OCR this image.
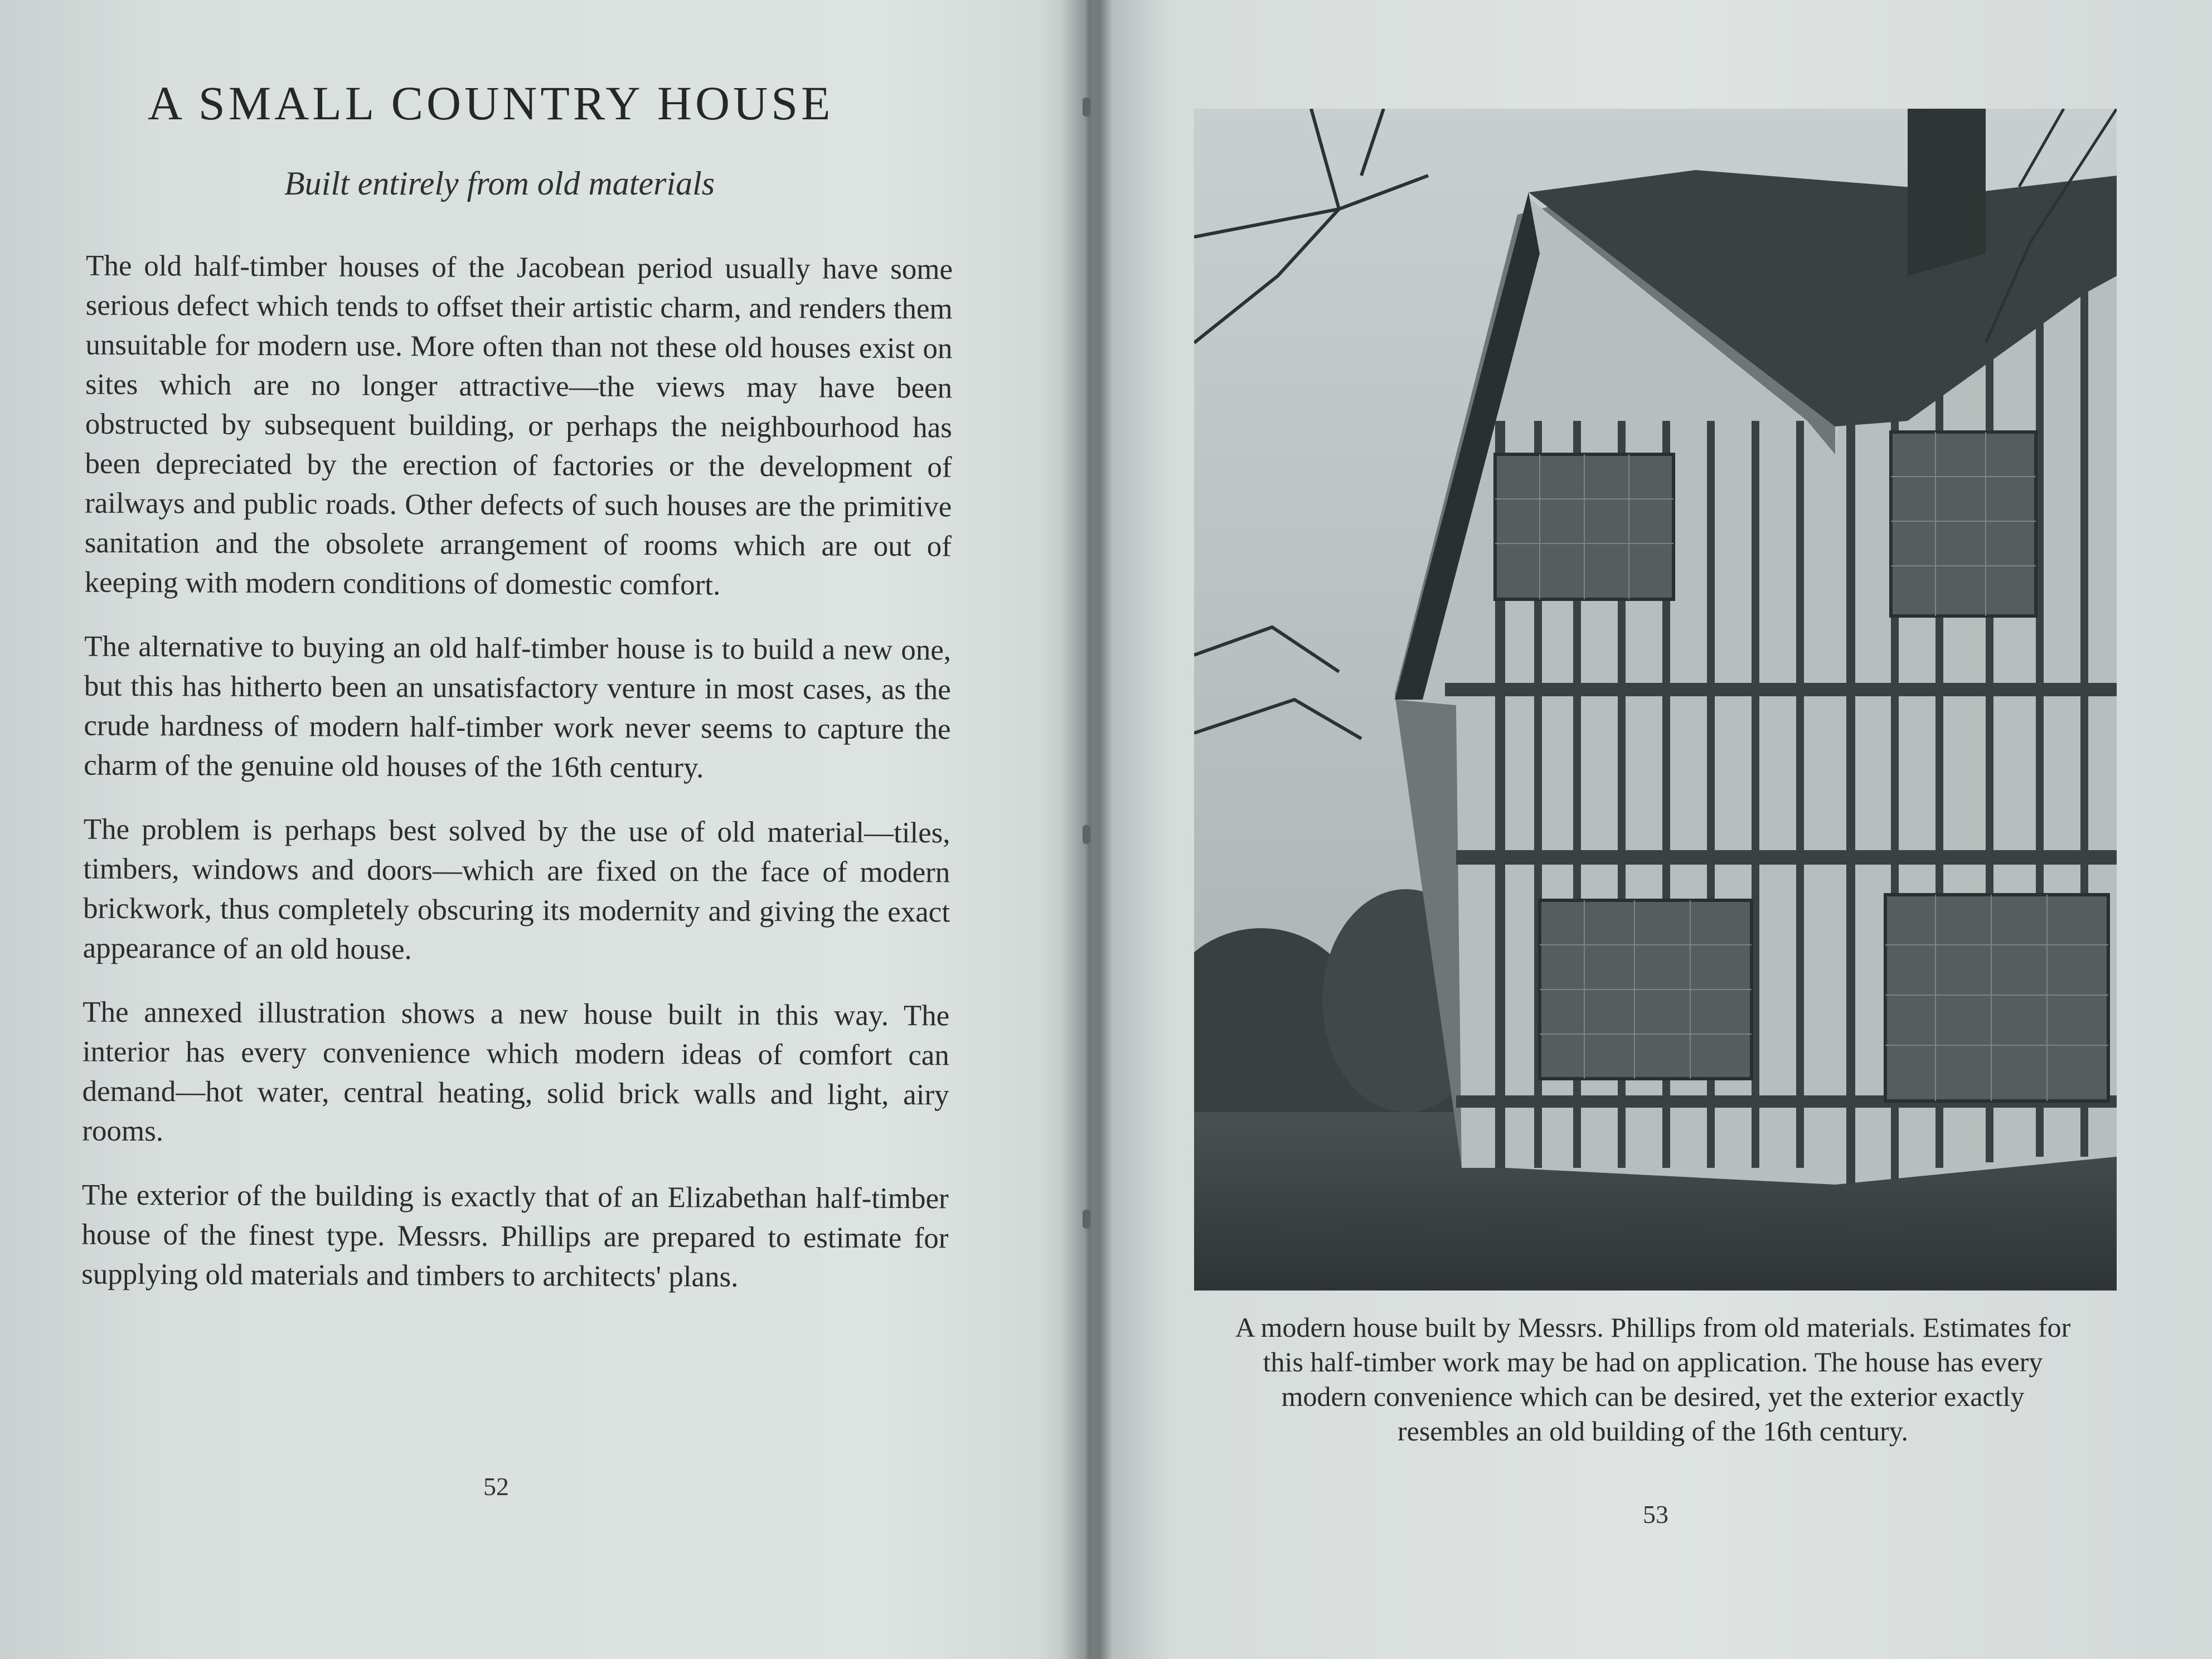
A SMALL COUNTRY HOUSE
Built entirely from old materials

The old half-timber houses of the Jacobean period usually have some serious defect which tends to offset their artistic charm, and renders them unsuitable for modern use. More often than not these old houses exist on sites which are no longer attractive—the views may have been obstructed by subsequent building, or perhaps the neighbourhood has been depreciated by the erection of factories or the development of railways and public roads. Other defects of such houses are the primitive sanitation and the obsolete arrangement of rooms which are out of keeping with modern conditions of domestic comfort.

The alternative to buying an old half-timber house is to build a new one, but this has hitherto been an unsatisfactory venture in most cases, as the crude hardness of modern half-timber work never seems to capture the charm of the genuine old houses of the 16th century.

The problem is perhaps best solved by the use of old material—tiles, timbers, windows and doors—which are fixed on the face of modern brickwork, thus completely obscuring its modernity and giving the exact appearance of an old house.

The annexed illustration shows a new house built in this way. The interior has every convenience which modern ideas of comfort can demand—hot water, central heating, solid brick walls and light, airy rooms.

The exterior of the building is exactly that of an Elizabethan half-timber house of the finest type. Messrs. Phillips are prepared to estimate for supplying old materials and timbers to architects' plans.

52
A modern house built by Messrs. Phillips from old materials. Estimates for this half-timber work may be had on application. The house has every modern convenience which can be desired, yet the exterior exactly resembles an old building of the 16th century.
53
